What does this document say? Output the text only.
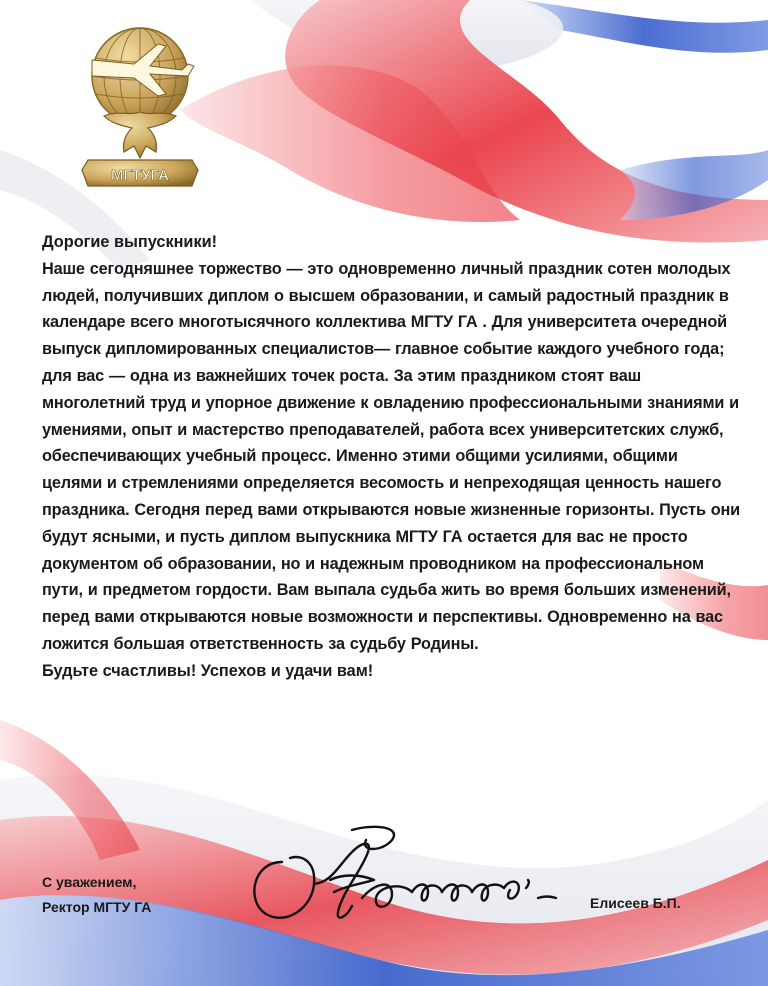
МГТУГА

Дорогие выпускники!

Наше сегодняшнее торжество — это одновременно личный праздник сотен молодых людей, получивших диплом о высшем образовании, и самый радостный праздник в календаре всего многотысячного коллектива МГТУ ГА . Для университета очередной выпуск дипломированных специалистов— главное событие каждого учебного года; для вас — одна из важнейших точек роста. За этим праздником стоят ваш многолетний труд и упорное движение к овладению профессиональными знаниями и умениями, опыт и мастерство преподавателей, работа всех университетских служб, обеспечивающих учебный процесс. Именно этими общими усилиями, общими целями и стремлениями определяется весомость и непреходящая ценность нашего праздника. Сегодня перед вами открываются новые жизненные горизонты. Пусть они будут ясными, и пусть диплом выпускника МГТУ ГА остается для вас не просто документом об образовании, но и надежным проводником на профессиональном пути, и предметом гордости. Вам выпала судьба жить во время больших изменений, перед вами открываются новые возможности и перспективы. Одновременно на вас ложится большая ответственность за судьбу Родины.

Будьте счастливы! Успехов и удачи вам!

С уважением,
Ректор МГТУ ГА	Елисеев Б.П.
